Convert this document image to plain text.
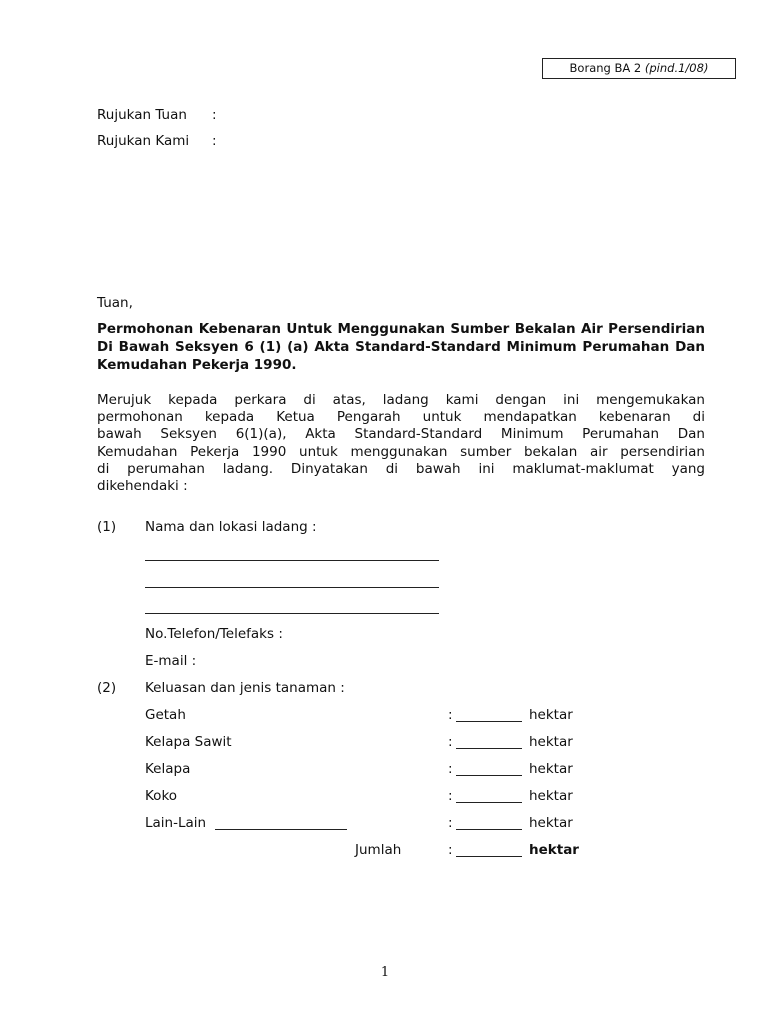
Borang BA 2 (pind.1/08)
Rujukan Tuan :
Rujukan Kami :
Tuan,
Permohonan Kebenaran Untuk Menggunakan Sumber Bekalan Air Persendirian
Di Bawah Seksyen 6 (1) (a) Akta Standard-Standard Minimum Perumahan Dan
Kemudahan Pekerja 1990.
Merujuk kepada perkara di atas, ladang kami dengan ini mengemukakan
permohonan kepada Ketua Pengarah untuk mendapatkan kebenaran di
bawah Seksyen 6(1)(a), Akta Standard-Standard Minimum Perumahan Dan
Kemudahan Pekerja 1990 untuk menggunakan sumber bekalan air persendirian
di perumahan ladang. Dinyatakan di bawah ini maklumat-maklumat yang
dikehendaki :
(1) Nama dan lokasi ladang :
No.Telefon/Telefaks :
E-mail :
(2) Keluasan dan jenis tanaman :
Getah	:	hektar
Kelapa Sawit	:	hektar
Kelapa	:	hektar
Koko	:	hektar
Lain-Lain	:	hektar
Jumlah	:	hektar
1
